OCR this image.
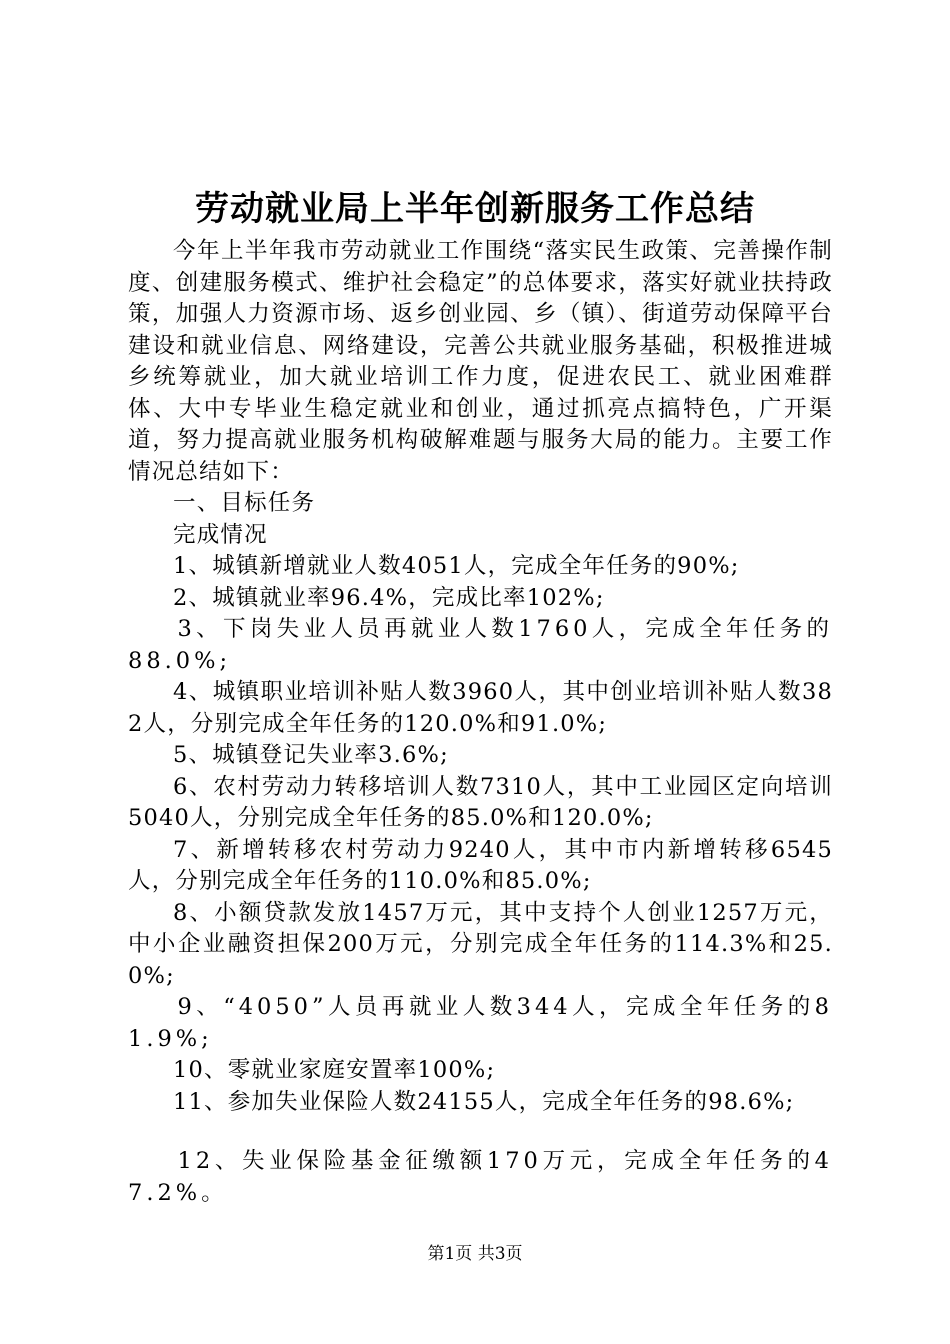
劳动就业局上半年创新服务工作总结

今年上半年我市劳动就业工作围绕“落实民生政策、完善操作制度、创建服务模式、维护社会稳定”的总体要求，落实好就业扶持政策，加强人力资源市场、返乡创业园、乡（镇）、街道劳动保障平台建设和就业信息、网络建设，完善公共就业服务基础，积极推进城乡统筹就业，加大就业培训工作力度，促进农民工、就业困难群体、大中专毕业生稳定就业和创业，通过抓亮点搞特色，广开渠道，努力提高就业服务机构破解难题与服务大局的能力。主要工作情况总结如下：

一、目标任务

完成情况

1、城镇新增就业人数4051人，完成全年任务的90%;

2、城镇就业率96.4%，完成比率102%;

3、下岗失业人员再就业人数1760人，完成全年任务的88.0%;

4、城镇职业培训补贴人数3960人，其中创业培训补贴人数382人，分别完成全年任务的120.0%和91.0%;

5、城镇登记失业率3.6%;

6、农村劳动力转移培训人数7310人，其中工业园区定向培训5040人，分别完成全年任务的85.0%和120.0%;

7、新增转移农村劳动力9240人，其中市内新增转移6545人，分别完成全年任务的110.0%和85.0%;

8、小额贷款发放1457万元，其中支持个人创业1257万元，中小企业融资担保200万元，分别完成全年任务的114.3%和25.0%;

9、“4050”人员再就业人数344人，完成全年任务的81.9%;

10、零就业家庭安置率100%;

11、参加失业保险人数24155人，完成全年任务的98.6%;

12、失业保险基金征缴额170万元，完成全年任务的47.2%。

第1页 共3页
